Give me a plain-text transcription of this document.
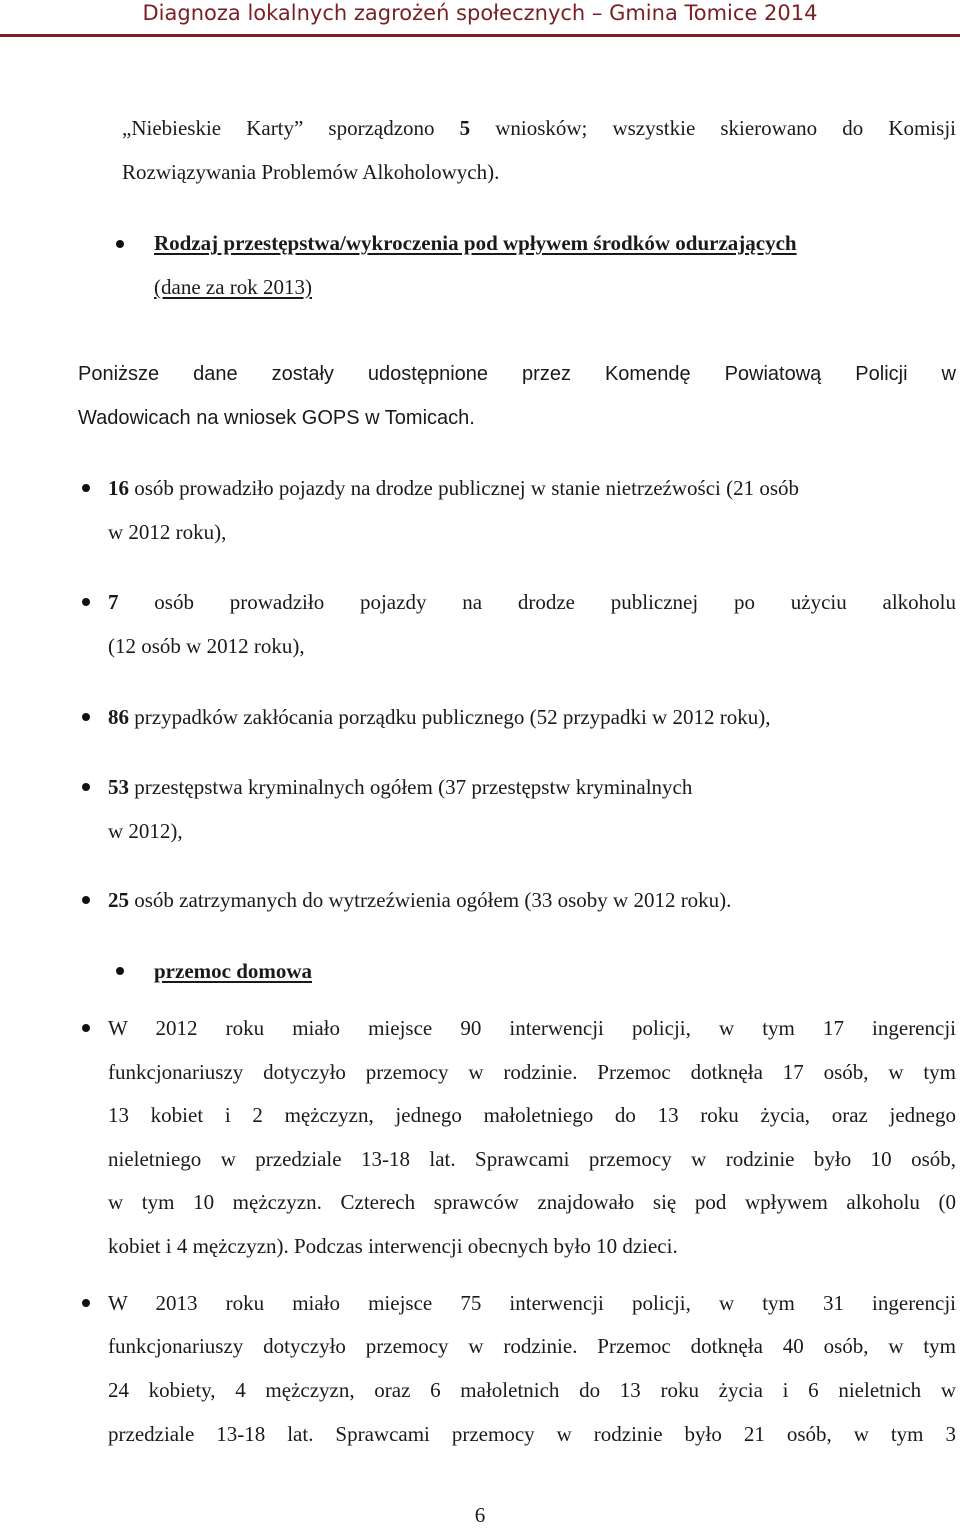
Diagnoza lokalnych zagrożeń społecznych – Gmina Tomice 2014
„Niebieskie Karty” sporządzono 5 wniosków; wszystkie skierowano do Komisji
Rozwiązywania Problemów Alkoholowych).
Rodzaj przestępstwa/wykroczenia pod wpływem środków odurzających
(dane za rok 2013)
Poniższe dane zostały udostępnione przez Komendę Powiatową Policji w
Wadowicach na wniosek GOPS w Tomicach.
16 osób prowadziło pojazdy na drodze publicznej w stanie nietrzeźwości (21 osób
w 2012 roku),
7 osób prowadziło pojazdy na drodze publicznej po użyciu alkoholu
(12 osób w 2012 roku),
86 przypadków zakłócania porządku publicznego (52 przypadki w 2012 roku),
53 przestępstwa kryminalnych ogółem (37 przestępstw kryminalnych
w 2012),
25 osób zatrzymanych do wytrzeźwienia ogółem (33 osoby w 2012 roku).
przemoc domowa
W 2012 roku miało miejsce 90 interwencji policji, w tym 17 ingerencji
funkcjonariuszy dotyczyło przemocy w rodzinie. Przemoc dotknęła 17 osób, w tym
13 kobiet i 2 mężczyzn, jednego małoletniego do 13 roku życia, oraz jednego
nieletniego w przedziale 13-18 lat. Sprawcami przemocy w rodzinie było 10 osób,
w tym 10 mężczyzn. Czterech sprawców znajdowało się pod wpływem alkoholu (0
kobiet i 4 mężczyzn). Podczas interwencji obecnych było 10 dzieci.
W 2013 roku miało miejsce 75 interwencji policji, w tym 31 ingerencji
funkcjonariuszy dotyczyło przemocy w rodzinie. Przemoc dotknęła 40 osób, w tym
24 kobiety, 4 mężczyzn, oraz 6 małoletnich do 13 roku życia i 6 nieletnich w
przedziale 13-18 lat. Sprawcami przemocy w rodzinie było 21 osób, w tym 3
6
